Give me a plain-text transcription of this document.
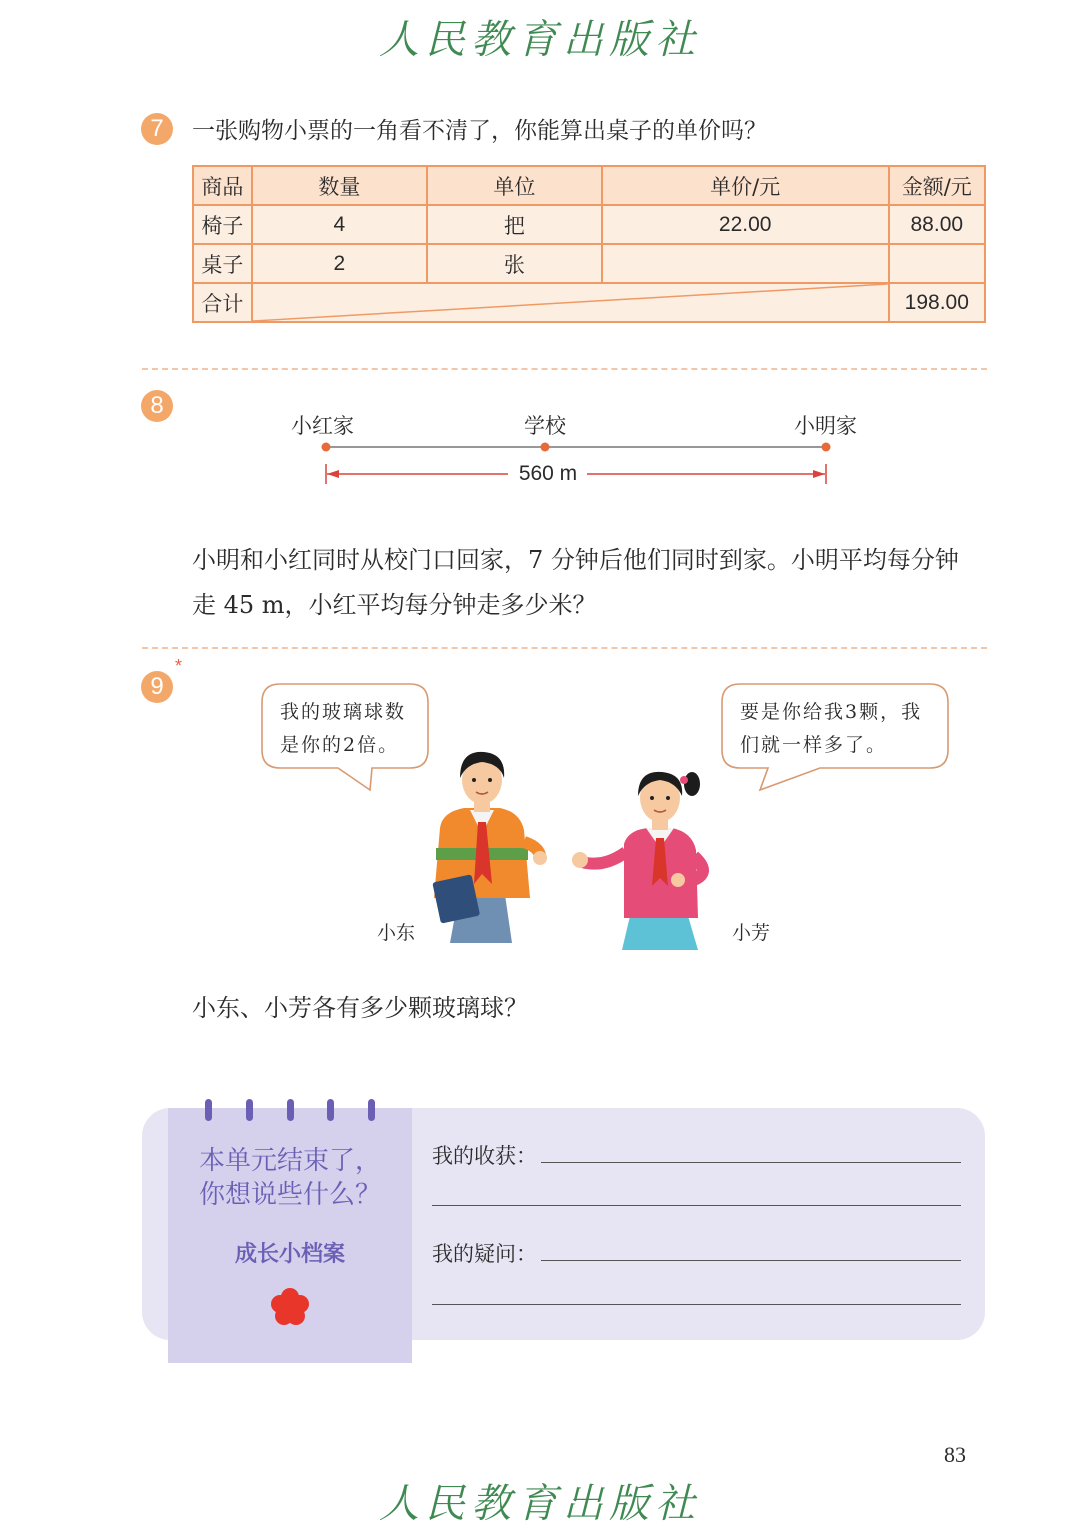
人民教育出版社
7	一张购物小票的一角看不清了，你能算出桌子的单价吗？
商品	数量	单位	单价/元	金额/元
椅子	4	把	22.00	88.00
桌子	2	张		
合计				198.00
8
小红家	学校	小明家
560 m
小明和小红同时从校门口回家，7 分钟后他们同时到家。小明平均每分钟
走 45 m，小红平均每分钟走多少米？
9
*
我的玻璃球数
是你的2倍。
要是你给我3颗，我
们就一样多了。
小东	小芳
小东、小芳各有多少颗玻璃球？
本单元结束了，
你想说些什么？
成长小档案
我的收获：
我的疑问：
83
人民教育出版社
